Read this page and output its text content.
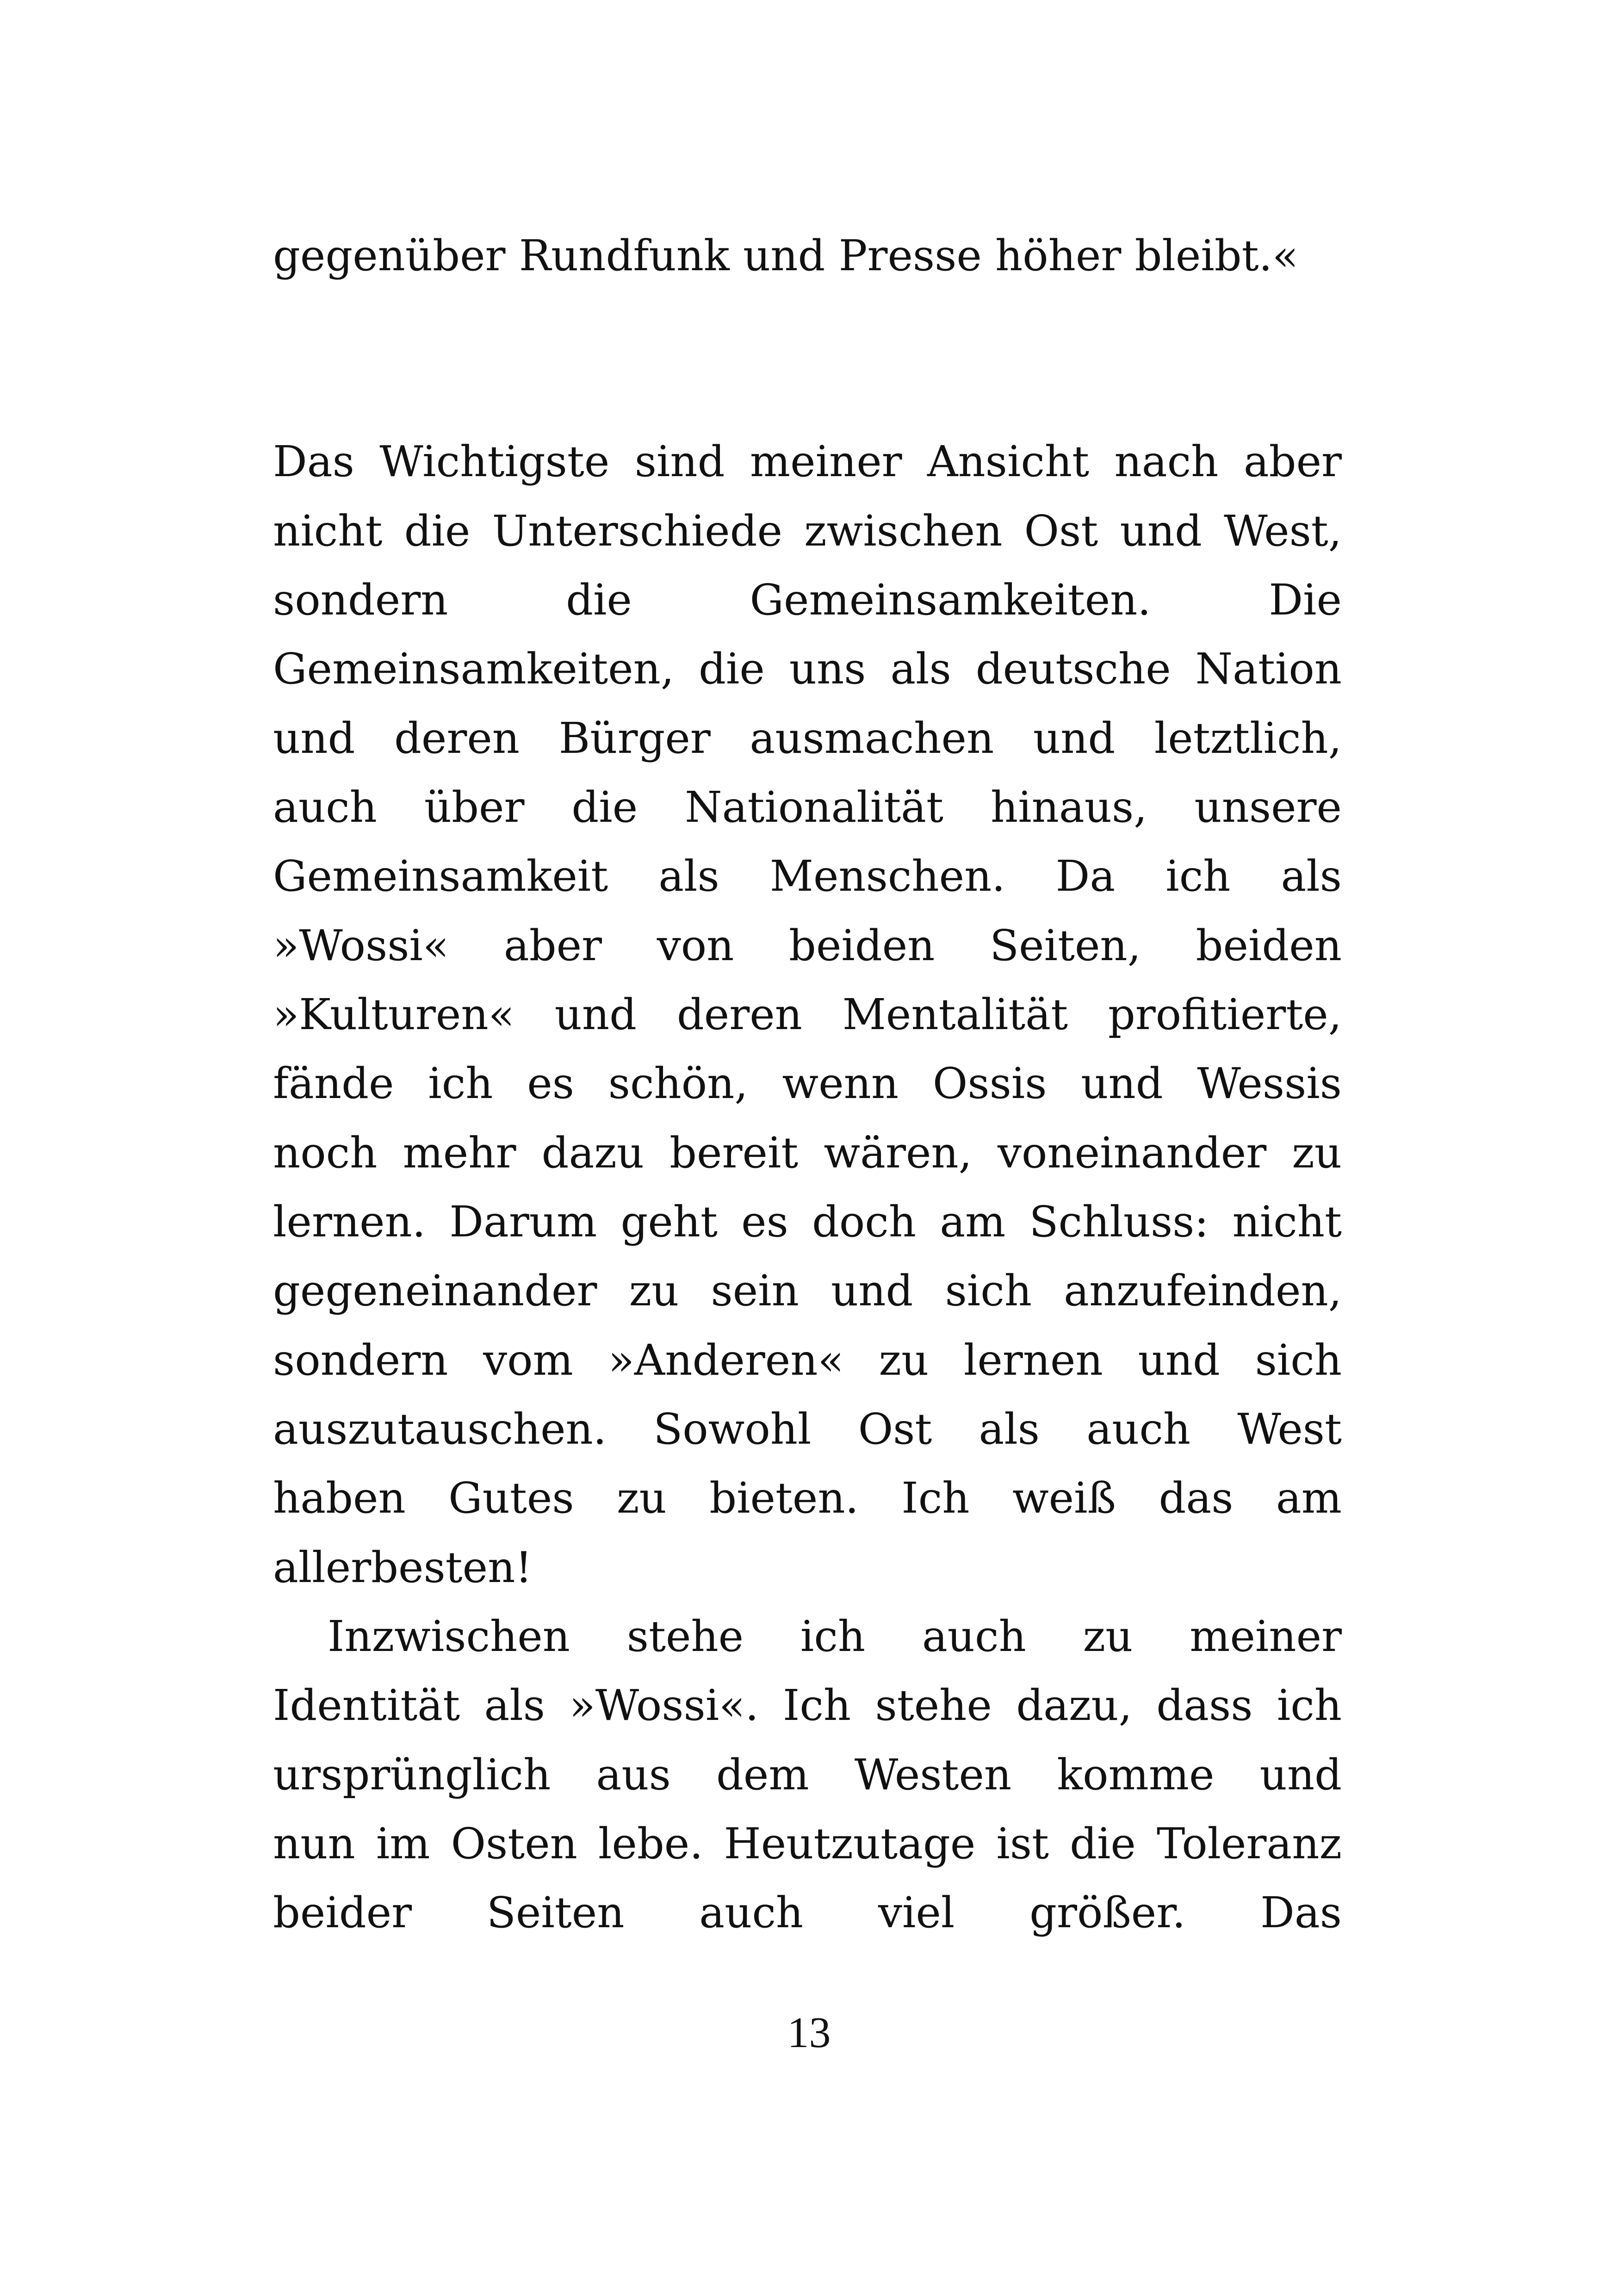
gegenüber Rundfunk und Presse höher bleibt.«
Das Wichtigste sind meiner Ansicht nach aber
nicht die Unterschiede zwischen Ost und West,
sondern die Gemeinsamkeiten. Die
Gemeinsamkeiten, die uns als deutsche Nation
und deren Bürger ausmachen und letztlich,
auch über die Nationalität hinaus, unsere
Gemeinsamkeit als Menschen. Da ich als
»Wossi« aber von beiden Seiten, beiden
»Kulturen« und deren Mentalität profitierte,
fände ich es schön, wenn Ossis und Wessis
noch mehr dazu bereit wären, voneinander zu
lernen. Darum geht es doch am Schluss: nicht
gegeneinander zu sein und sich anzufeinden,
sondern vom »Anderen« zu lernen und sich
auszutauschen. Sowohl Ost als auch West
haben Gutes zu bieten. Ich weiß das am
allerbesten!
Inzwischen stehe ich auch zu meiner
Identität als »Wossi«. Ich stehe dazu, dass ich
ursprünglich aus dem Westen komme und
nun im Osten lebe. Heutzutage ist die Toleranz
beider Seiten auch viel größer. Das
13
